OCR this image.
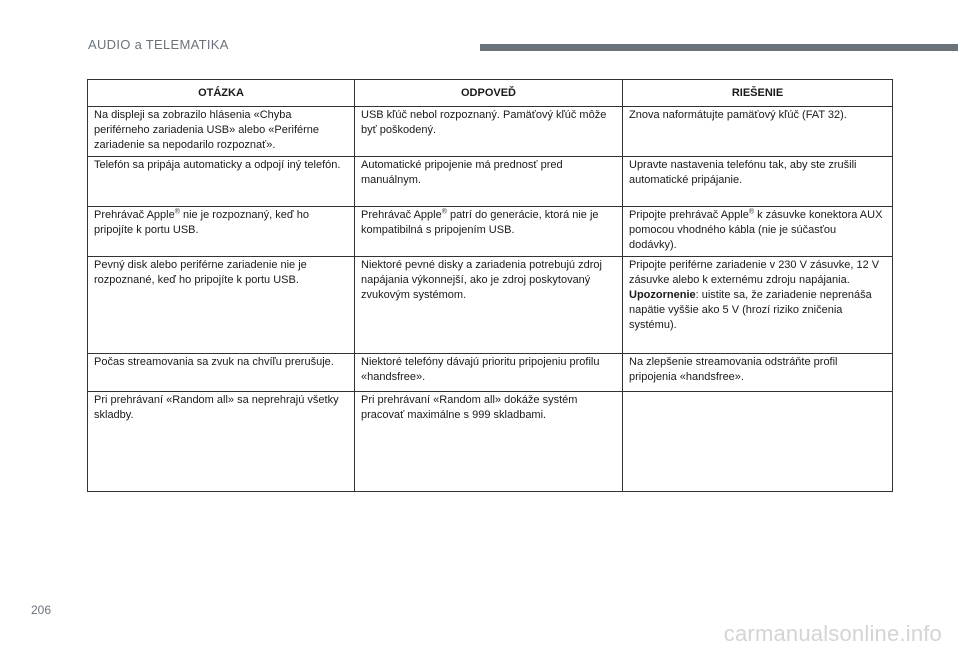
AUDIO a TELEMATIKA
OTÁZKA	ODPOVEĎ	RIEŠENIE
Na displeji sa zobrazilo hlásenia «Chyba periférneho zariadenia USB» alebo «Periférne zariadenie sa nepodarilo rozpoznať».	USB kľúč nebol rozpoznaný. Pamäťový kľúč môže byť poškodený.	Znova naformátujte pamäťový kľúč (FAT 32).
Telefón sa pripája automaticky a odpojí iný telefón.	Automatické pripojenie má prednosť pred manuálnym.	Upravte nastavenia telefónu tak, aby ste zrušili automatické pripájanie.
Prehrávač Apple® nie je rozpoznaný, keď ho pripojíte k portu USB.	Prehrávač Apple® patrí do generácie, ktorá nie je kompatibilná s pripojením USB.	Pripojte prehrávač Apple® k zásuvke konektora AUX pomocou vhodného kábla (nie je súčasťou dodávky).
Pevný disk alebo periférne zariadenie nie je rozpoznané, keď ho pripojíte k portu USB.	Niektoré pevné disky a zariadenia potrebujú zdroj napájania výkonnejší, ako je zdroj poskytovaný zvukovým systémom.	Pripojte periférne zariadenie v 230 V zásuvke, 12 V zásuvke alebo k externému zdroju napájania.
Upozornenie: uistite sa, že zariadenie neprenáša napätie vyššie ako 5 V (hrozí riziko zničenia systému).
Počas streamovania sa zvuk na chvíľu prerušuje.	Niektoré telefóny dávajú prioritu pripojeniu profilu «handsfree».	Na zlepšenie streamovania odstráňte profil pripojenia «handsfree».
Pri prehrávaní «Random all» sa neprehrajú všetky skladby.	Pri prehrávaní «Random all» dokáže systém pracovať maximálne s 999 skladbami.	
206
carmanualsonline.info
